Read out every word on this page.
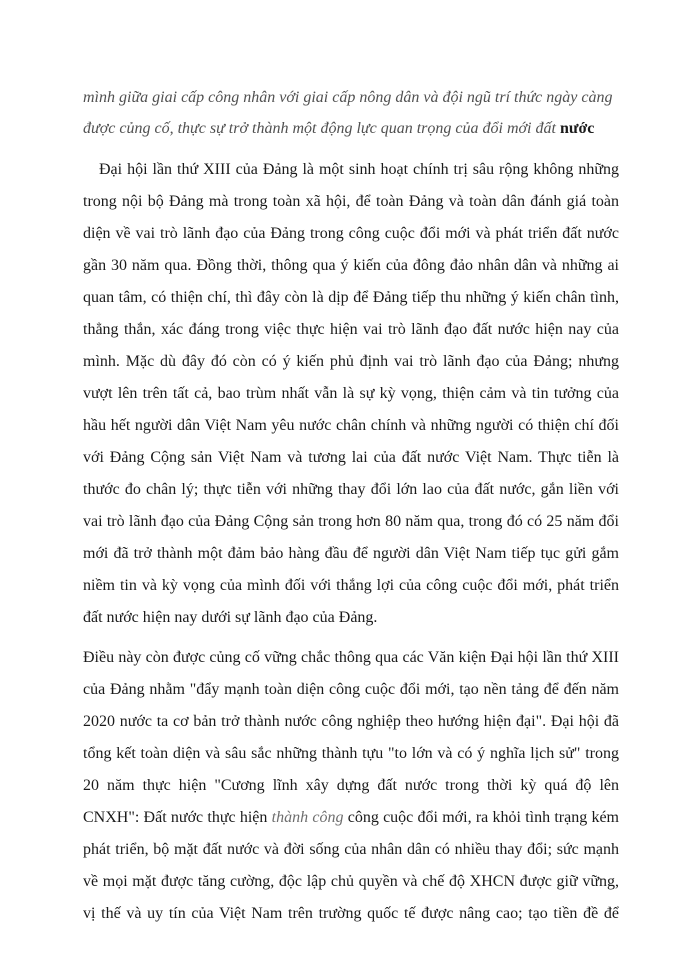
mình giữa giai cấp công nhân với giai cấp nông dân và đội ngũ trí thức ngày càng
được củng cố, thực sự trở thành một động lực quan trọng của đổi mới đất nước
Đại hội lần thứ XIII của Đảng là một sinh hoạt chính trị sâu rộng không những
trong nội bộ Đảng mà trong toàn xã hội, để toàn Đảng và toàn dân đánh giá toàn
diện về vai trò lãnh đạo của Đảng trong công cuộc đổi mới và phát triển đất nước
gần 30 năm qua. Đồng thời, thông qua ý kiến của đông đảo nhân dân và những ai
quan tâm, có thiện chí, thì đây còn là dịp để Đảng tiếp thu những ý kiến chân tình,
thẳng thắn, xác đáng trong việc thực hiện vai trò lãnh đạo đất nước hiện nay của
mình. Mặc dù đây đó còn có ý kiến phủ định vai trò lãnh đạo của Đảng; nhưng
vượt lên trên tất cả, bao trùm nhất vẫn là sự kỳ vọng, thiện cảm và tin tưởng của
hầu hết người dân Việt Nam yêu nước chân chính và những người có thiện chí đối
với Đảng Cộng sản Việt Nam và tương lai của đất nước Việt Nam. Thực tiễn là
thước đo chân lý; thực tiễn với những thay đổi lớn lao của đất nước, gắn liền với
vai trò lãnh đạo của Đảng Cộng sản trong hơn 80 năm qua, trong đó có 25 năm đổi
mới đã trở thành một đảm bảo hàng đầu để người dân Việt Nam tiếp tục gửi gắm
niềm tin và kỳ vọng của mình đối với thắng lợi của công cuộc đổi mới, phát triển
đất nước hiện nay dưới sự lãnh đạo của Đảng.
Điều này còn được củng cố vững chắc thông qua các Văn kiện Đại hội lần thứ XIII
của Đảng nhằm "đẩy mạnh toàn diện công cuộc đổi mới, tạo nền tảng để đến năm
2020 nước ta cơ bản trở thành nước công nghiệp theo hướng hiện đại". Đại hội đã
tổng kết toàn diện và sâu sắc những thành tựu "to lớn và có ý nghĩa lịch sử" trong
20 năm thực hiện "Cương lĩnh xây dựng đất nước trong thời kỳ quá độ lên
CNXH": Đất nước thực hiện thành công công cuộc đổi mới, ra khỏi tình trạng kém
phát triển, bộ mặt đất nước và đời sống của nhân dân có nhiều thay đổi; sức mạnh
về mọi mặt được tăng cường, độc lập chủ quyền và chế độ XHCN được giữ vững,
vị thế và uy tín của Việt Nam trên trường quốc tế được nâng cao; tạo tiền đề để
